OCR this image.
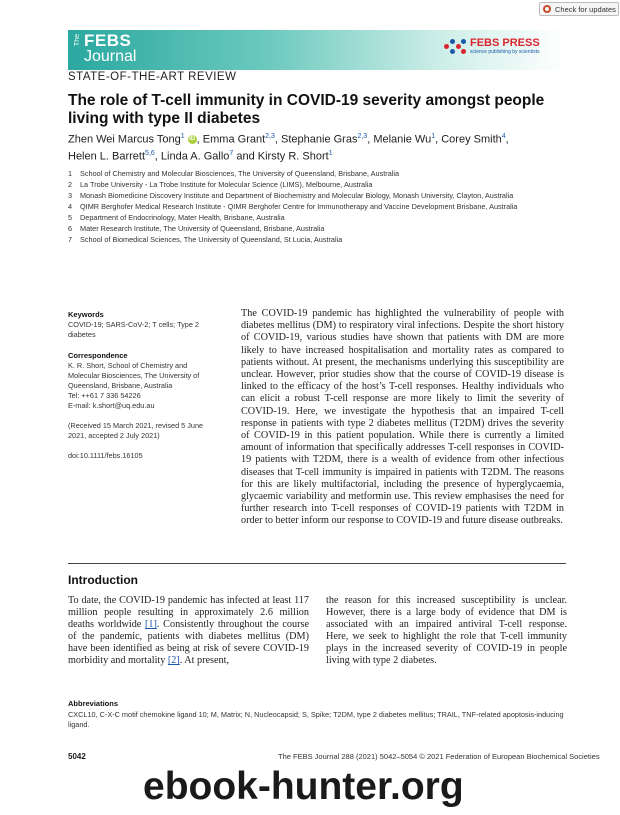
Check for updates
The FEBS
Journal
FEBS PRESS
science publishing by scientists
STATE-OF-THE-ART REVIEW
The role of T-cell immunity in COVID-19 severity amongst people living with type II diabetes
Zhen Wei Marcus Tong$^1$ iD , Emma Grant$^{2,3}$, Stephanie Gras$^{2,3}$, Melanie Wu$^1$, Corey Smith$^4$,
Helen L. Barrett$^{5,6}$, Linda A. Gallo$^7$ and Kirsty R. Short$^1$
1 School of Chemistry and Molecular Biosciences, The University of Queensland, Brisbane, Australia
2 La Trobe University - La Trobe Institute for Molecular Science (LIMS), Melbourne, Australia
3 Monash Biomedicine Discovery Institute and Department of Biochemistry and Molecular Biology, Monash University, Clayton, Australia
4 QIMR Berghofer Medical Research Institute - QIMR Berghofer Centre for Immunotherapy and Vaccine Development Brisbane, Australia
5 Department of Endocrinology, Mater Health, Brisbane, Australia
6 Mater Research Institute, The University of Queensland, Brisbane, Australia
7 School of Biomedical Sciences, The University of Queensland, St Lucia, Australia
Keywords

COVID-19; SARS-CoV-2; T cells; Type 2 diabetes

Correspondence

K. R. Short, School of Chemistry and Molecular Biosciences, The University of Queensland, Brisbane, Australia

Tel: ++61 7 336 54226

E-mail: k.short@uq.edu.au

(Received 15 March 2021, revised 5 June 2021, accepted 2 July 2021)

doi:10.1111/febs.16105

The COVID-19 pandemic has highlighted the vulnerability of people with diabetes mellitus (DM) to respiratory viral infections. Despite the short history of COVID-19, various studies have shown that patients with DM are more likely to have increased hospitalisation and mortality rates as compared to patients without. At present, the mechanisms underlying this susceptibility are unclear. However, prior studies show that the course of COVID-19 disease is linked to the efficacy of the host’s T-cell responses. Healthy individuals who can elicit a robust T-cell response are more likely to limit the severity of COVID-19. Here, we investigate the hypothesis that an impaired T-cell response in patients with type 2 diabetes mellitus (T2DM) drives the severity of COVID-19 in this patient population. While there is currently a limited amount of information that specifically addresses T-cell responses in COVID-19 patients with T2DM, there is a wealth of evidence from other infectious diseases that T-cell immunity is impaired in patients with T2DM. The reasons for this are likely multifactorial, including the presence of hyperglycaemia, glycaemic variability and metformin use. This review emphasises the need for further research into T-cell responses of COVID-19 patients with T2DM in order to better inform our response to COVID-19 and future disease outbreaks.

Introduction

To date, the COVID-19 pandemic has infected at least 117 million people resulting in approximately 2.6 million deaths worldwide [1]. Consistently throughout the course of the pandemic, patients with diabetes mellitus (DM) have been identified as being at risk of severe COVID-19 morbidity and mortality [2]. At present,

the reason for this increased susceptibility is unclear. However, there is a large body of evidence that DM is associated with an impaired antiviral T-cell response. Here, we seek to highlight the role that T-cell immunity plays in the increased severity of COVID-19 in people living with type 2 diabetes.

Abbreviations

CXCL10, C-X-C motif chemokine ligand 10; M, Matrix; N, Nucleocapsid; S, Spike; T2DM, type 2 diabetes mellitus; TRAIL, TNF-related apoptosis-inducing ligand.

5042	The FEBS Journal 288 (2021) 5042–5054 © 2021 Federation of European Biochemical Societies
ebook-hunter.org
